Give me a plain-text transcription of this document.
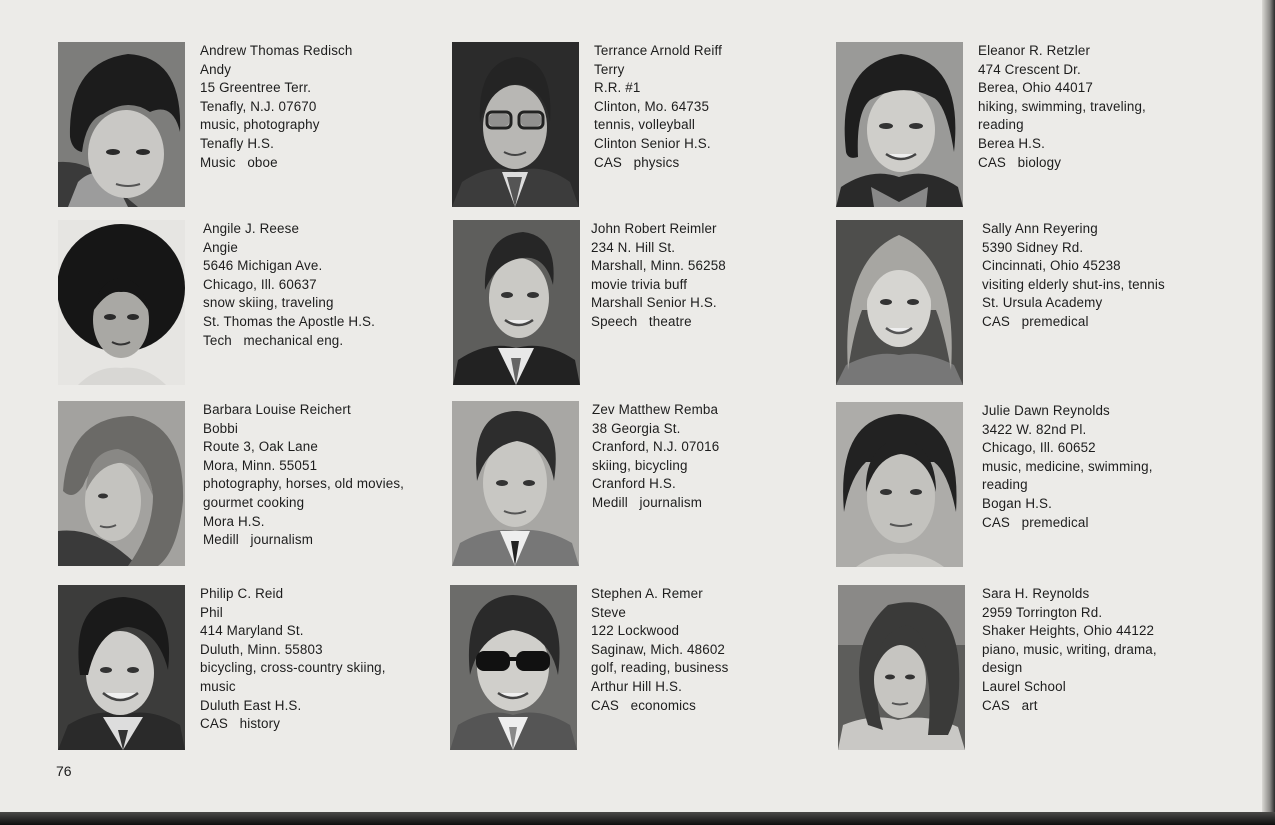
Andrew Thomas Redisch
Andy
15 Greentree Terr.
Tenafly, N.J. 07670
music, photography
Tenafly H.S.
Music   oboe
Terrance Arnold Reiff
Terry
R.R. #1
Clinton, Mo. 64735
tennis, volleyball
Clinton Senior H.S.
CAS   physics
Eleanor R. Retzler
474 Crescent Dr.
Berea, Ohio 44017
hiking, swimming, traveling,
reading
Berea H.S.
CAS   biology
Angile J. Reese
Angie
5646 Michigan Ave.
Chicago, Ill. 60637
snow skiing, traveling
St. Thomas the Apostle H.S.
Tech   mechanical eng.
John Robert Reimler
234 N. Hill St.
Marshall, Minn. 56258
movie trivia buff
Marshall Senior H.S.
Speech   theatre
Sally Ann Reyering
5390 Sidney Rd.
Cincinnati, Ohio 45238
visiting elderly shut-ins, tennis
St. Ursula Academy
CAS   premedical
Barbara Louise Reichert
Bobbi
Route 3, Oak Lane
Mora, Minn. 55051
photography, horses, old movies,
gourmet cooking
Mora H.S.
Medill   journalism
Zev Matthew Remba
38 Georgia St.
Cranford, N.J. 07016
skiing, bicycling
Cranford H.S.
Medill   journalism
Julie Dawn Reynolds
3422 W. 82nd Pl.
Chicago, Ill. 60652
music, medicine, swimming,
reading
Bogan H.S.
CAS   premedical
Philip C. Reid
Phil
414 Maryland St.
Duluth, Minn. 55803
bicycling, cross-country skiing,
music
Duluth East H.S.
CAS   history
Stephen A. Remer
Steve
122 Lockwood
Saginaw, Mich. 48602
golf, reading, business
Arthur Hill H.S.
CAS   economics
Sara H. Reynolds
2959 Torrington Rd.
Shaker Heights, Ohio 44122
piano, music, writing, drama,
design
Laurel School
CAS   art
76
